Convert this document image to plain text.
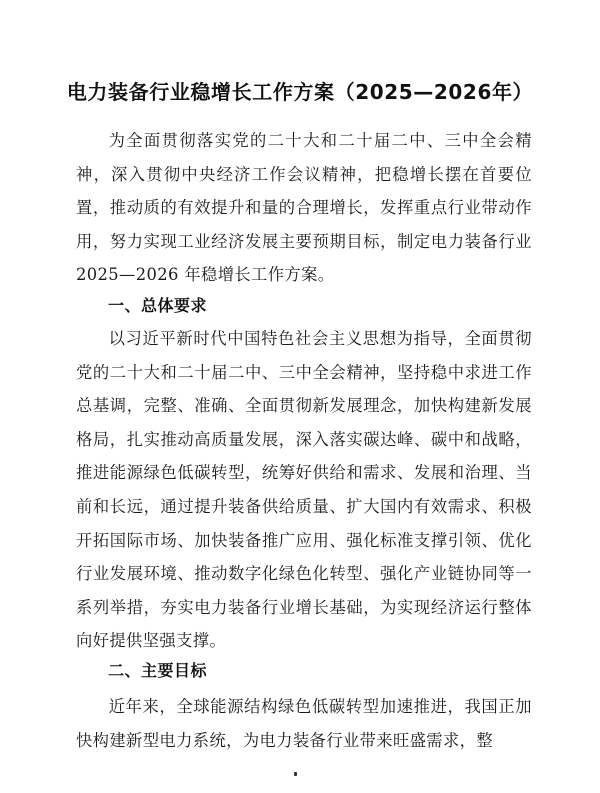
电力装备行业稳增长工作方案（2025—2026年）

为全面贯彻落实党的二十大和二十届二中、三中全会精神，深入贯彻中央经济工作会议精神，把稳增长摆在首要位置，推动质的有效提升和量的合理增长，发挥重点行业带动作用，努力实现工业经济发展主要预期目标，制定电力装备行业 2025—2026 年稳增长工作方案。

一、总体要求

以习近平新时代中国特色社会主义思想为指导，全面贯彻党的二十大和二十届二中、三中全会精神，坚持稳中求进工作总基调，完整、准确、全面贯彻新发展理念，加快构建新发展格局，扎实推动高质量发展，深入落实碳达峰、碳中和战略，推进能源绿色低碳转型，统筹好供给和需求、发展和治理、当前和长远，通过提升装备供给质量、扩大国内有效需求、积极开拓国际市场、加快装备推广应用、强化标准支撑引领、优化行业发展环境、推动数字化绿色化转型、强化产业链协同等一系列举措，夯实电力装备行业增长基础，为实现经济运行整体向好提供坚强支撑。

二、主要目标

近年来，全球能源结构绿色低碳转型加速推进，我国正加快构建新型电力系统，为电力装备行业带来旺盛需求，整
